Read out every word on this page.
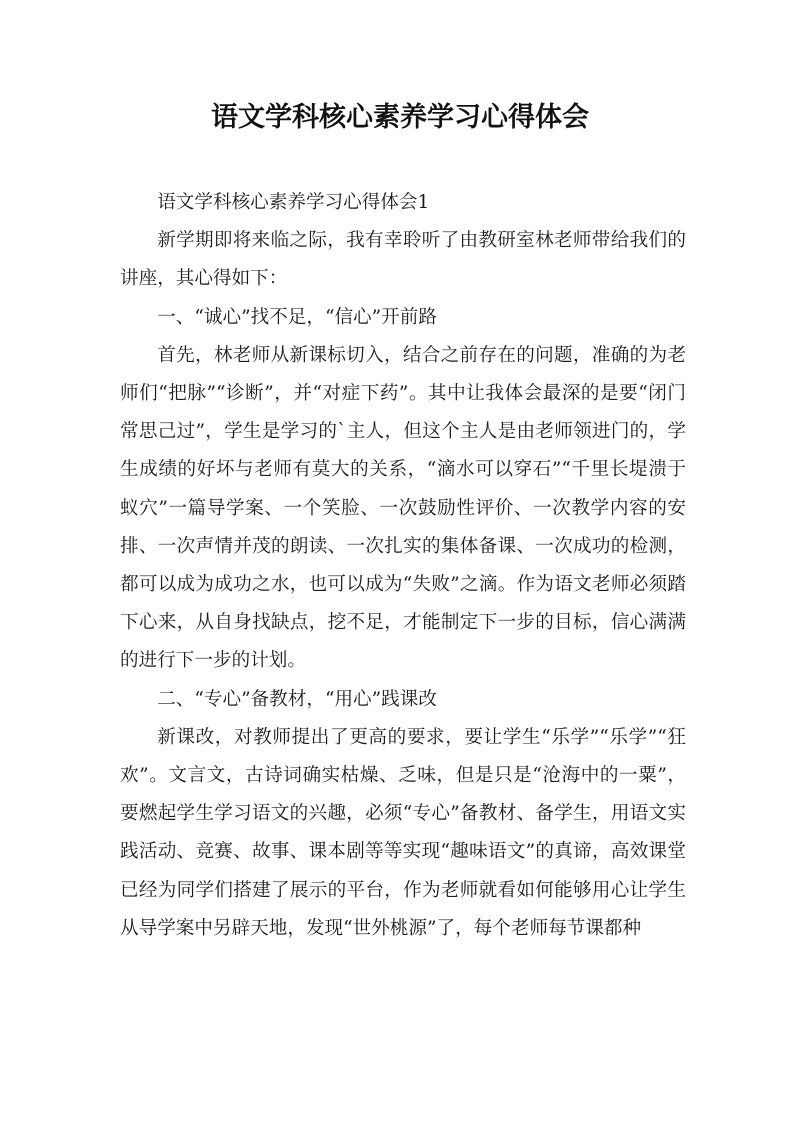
语文学科核心素养学习心得体会

语文学科核心素养学习心得体会1

新学期即将来临之际，我有幸聆听了由教研室林老师带给我们的讲座，其心得如下：

一、“诚心”找不足，“信心”开前路

首先，林老师从新课标切入，结合之前存在的问题，准确的为老师们“把脉”“诊断”，并“对症下药”。其中让我体会最深的是要“闭门常思己过”，学生是学习的`主人，但这个主人是由老师领进门的，学生成绩的好坏与老师有莫大的关系，“滴水可以穿石”“千里长堤溃于蚁穴”一篇导学案、一个笑脸、一次鼓励性评价、一次教学内容的安排、一次声情并茂的朗读、一次扎实的集体备课、一次成功的检测，都可以成为成功之水，也可以成为“失败”之滴。作为语文老师必须踏下心来，从自身找缺点，挖不足，才能制定下一步的目标，信心满满的进行下一步的计划。

二、“专心”备教材，“用心”践课改

新课改，对教师提出了更高的要求，要让学生“乐学”“乐学”“狂欢”。文言文，古诗词确实枯燥、乏味，但是只是“沧海中的一粟”，要燃起学生学习语文的兴趣，必须“专心”备教材、备学生，用语文实践活动、竞赛、故事、课本剧等等实现“趣味语文”的真谛，高效课堂已经为同学们搭建了展示的平台，作为老师就看如何能够用心让学生从导学案中另辟天地，发现“世外桃源”了，每个老师每节课都种
